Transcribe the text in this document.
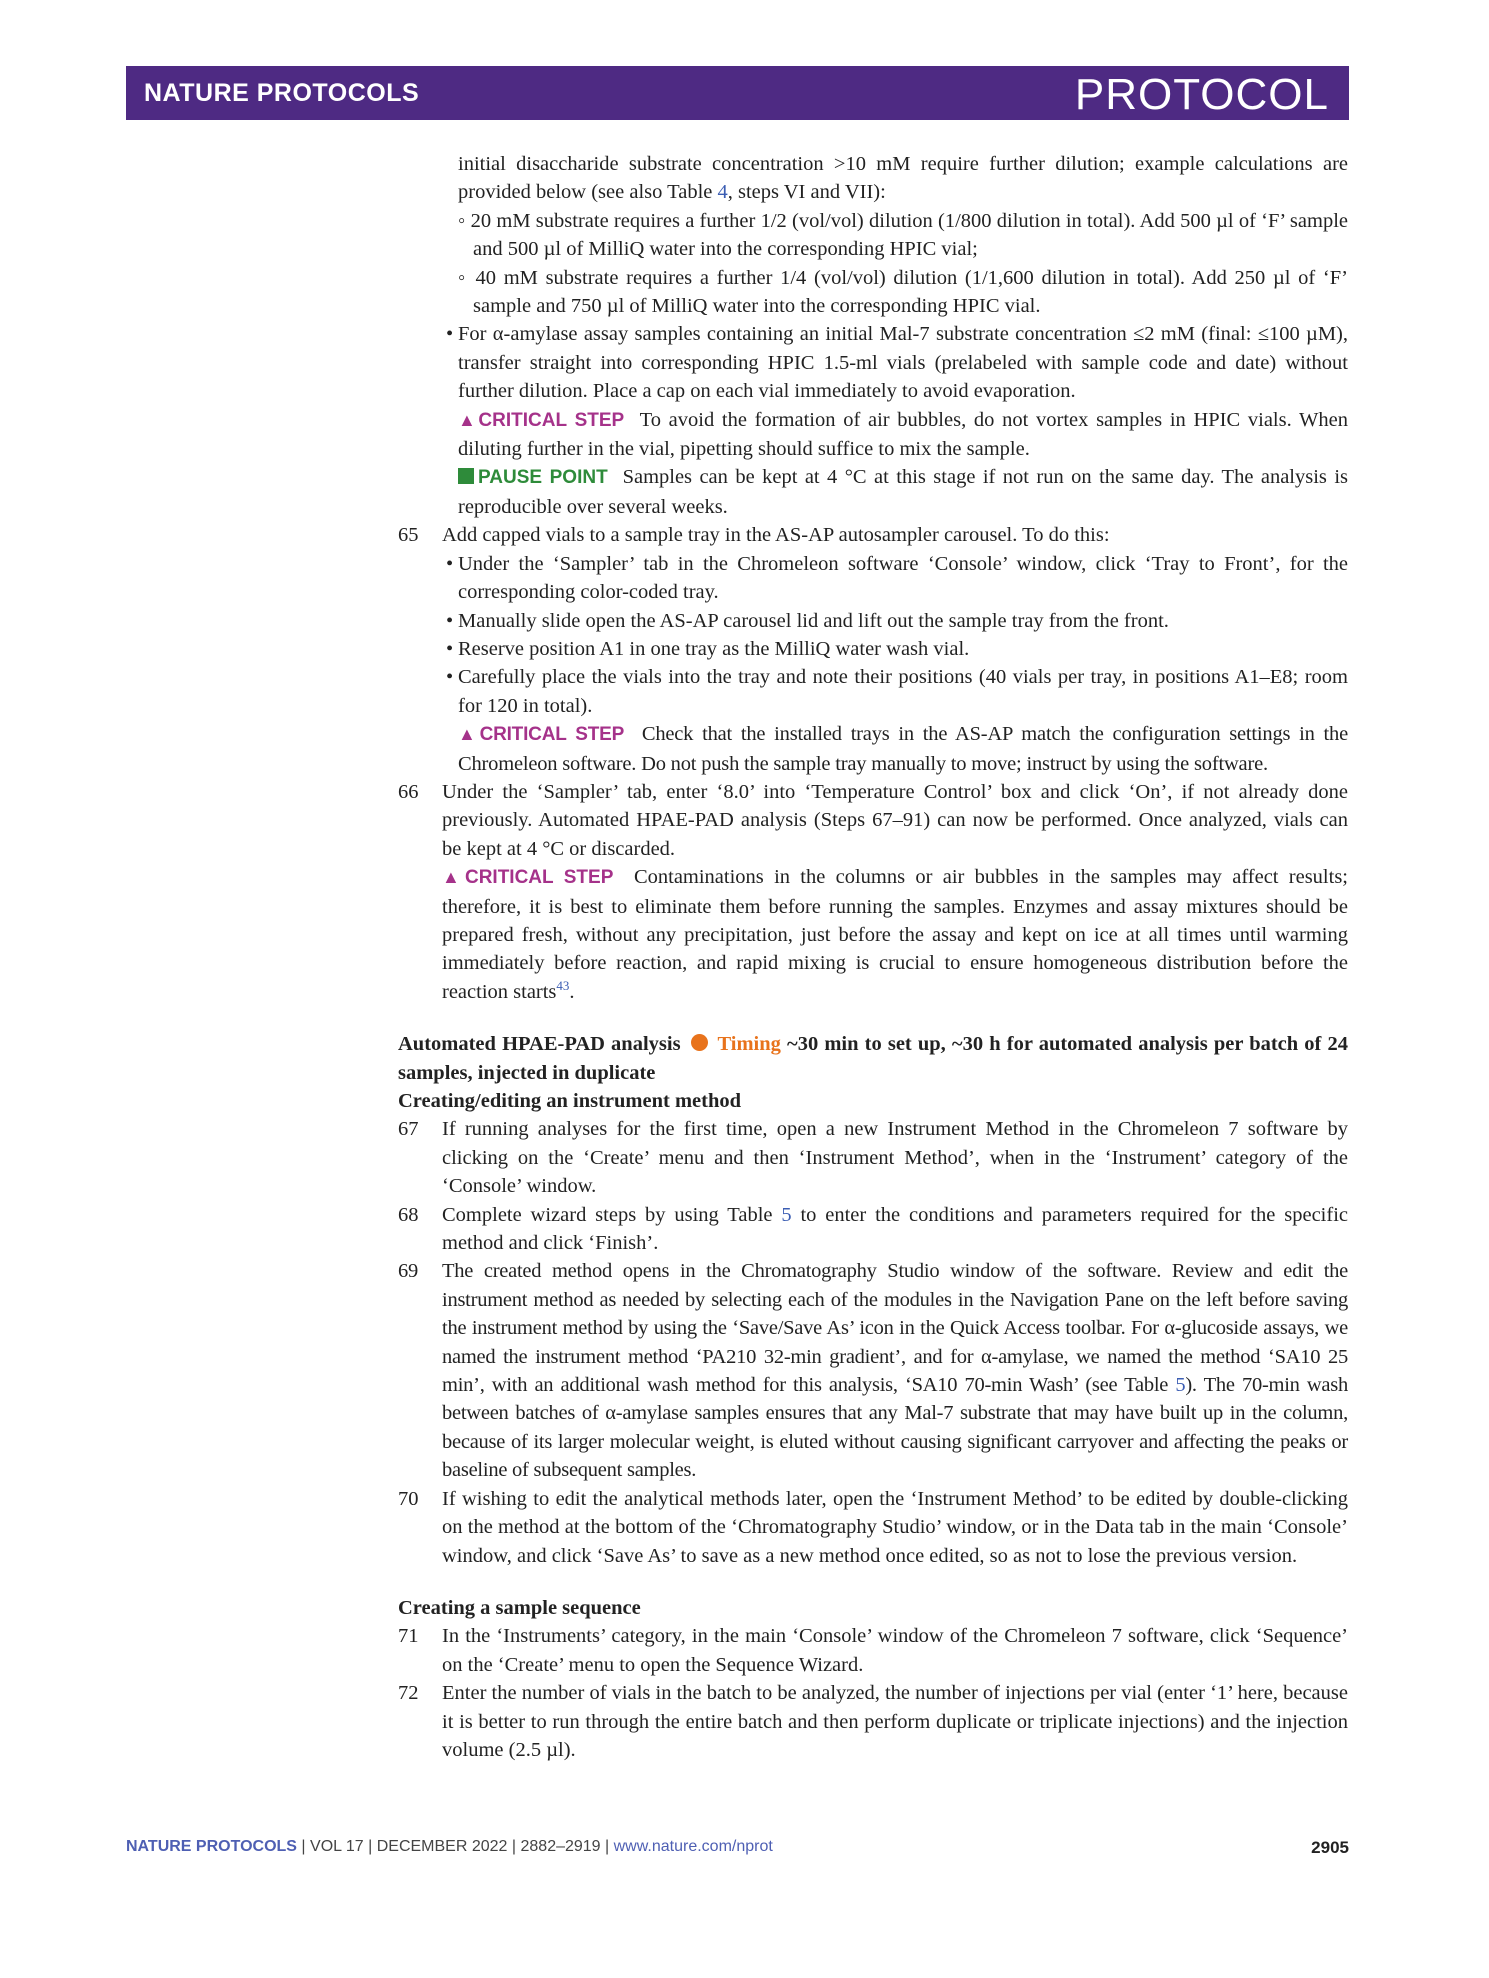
NATURE PROTOCOLS	PROTOCOL
initial disaccharide substrate concentration >10 mM require further dilution; example calculations are provided below (see also Table 4, steps VI and VII):
◦ 20 mM substrate requires a further 1/2 (vol/vol) dilution (1/800 dilution in total). Add 500 µl of ‘F’ sample and 500 µl of MilliQ water into the corresponding HPIC vial;
◦ 40 mM substrate requires a further 1/4 (vol/vol) dilution (1/1,600 dilution in total). Add 250 µl of ‘F’ sample and 750 µl of MilliQ water into the corresponding HPIC vial.
• For α-amylase assay samples containing an initial Mal-7 substrate concentration ≤2 mM (final: ≤100 µM), transfer straight into corresponding HPIC 1.5-ml vials (prelabeled with sample code and date) without further dilution. Place a cap on each vial immediately to avoid evaporation.
▲CRITICAL STEP To avoid the formation of air bubbles, do not vortex samples in HPIC vials. When diluting further in the vial, pipetting should suffice to mix the sample.
PAUSE POINT Samples can be kept at 4 °C at this stage if not run on the same day. The analysis is reproducible over several weeks.
65 Add capped vials to a sample tray in the AS-AP autosampler carousel. To do this:
• Under the ‘Sampler’ tab in the Chromeleon software ‘Console’ window, click ‘Tray to Front’, for the corresponding color-coded tray.
• Manually slide open the AS-AP carousel lid and lift out the sample tray from the front.
• Reserve position A1 in one tray as the MilliQ water wash vial.
• Carefully place the vials into the tray and note their positions (40 vials per tray, in positions A1–E8; room for 120 in total).
▲CRITICAL STEP Check that the installed trays in the AS-AP match the configuration settings in the Chromeleon software. Do not push the sample tray manually to move; instruct by using the software.
66 Under the ‘Sampler’ tab, enter ‘8.0’ into ‘Temperature Control’ box and click ‘On’, if not already done previously. Automated HPAE-PAD analysis (Steps 67–91) can now be performed. Once analyzed, vials can be kept at 4 °C or discarded.
▲CRITICAL STEP Contaminations in the columns or air bubbles in the samples may affect results; therefore, it is best to eliminate them before running the samples. Enzymes and assay mixtures should be prepared fresh, without any precipitation, just before the assay and kept on ice at all times until warming immediately before reaction, and rapid mixing is crucial to ensure homogeneous distribution before the reaction starts$^{43}$.
Automated HPAE-PAD analysis Timing ~30 min to set up, ~30 h for automated analysis per batch of 24 samples, injected in duplicate
Creating/editing an instrument method
67 If running analyses for the first time, open a new Instrument Method in the Chromeleon 7 software by clicking on the ‘Create’ menu and then ‘Instrument Method’, when in the ‘Instrument’ category of the ‘Console’ window.
68 Complete wizard steps by using Table 5 to enter the conditions and parameters required for the specific method and click ‘Finish’.
69 The created method opens in the Chromatography Studio window of the software. Review and edit the instrument method as needed by selecting each of the modules in the Navigation Pane on the left before saving the instrument method by using the ‘Save/Save As’ icon in the Quick Access toolbar. For α-glucoside assays, we named the instrument method ‘PA210 32-min gradient’, and for α-amylase, we named the method ‘SA10 25 min’, with an additional wash method for this analysis, ‘SA10 70-min Wash’ (see Table 5). The 70-min wash between batches of α-amylase samples ensures that any Mal-7 substrate that may have built up in the column, because of its larger molecular weight, is eluted without causing significant carryover and affecting the peaks or baseline of subsequent samples.
70 If wishing to edit the analytical methods later, open the ‘Instrument Method’ to be edited by double-clicking on the method at the bottom of the ‘Chromatography Studio’ window, or in the Data tab in the main ‘Console’ window, and click ‘Save As’ to save as a new method once edited, so as not to lose the previous version.
Creating a sample sequence
71 In the ‘Instruments’ category, in the main ‘Console’ window of the Chromeleon 7 software, click ‘Sequence’ on the ‘Create’ menu to open the Sequence Wizard.
72 Enter the number of vials in the batch to be analyzed, the number of injections per vial (enter ‘1’ here, because it is better to run through the entire batch and then perform duplicate or triplicate injections) and the injection volume (2.5 µl).
NATURE PROTOCOLS | VOL 17 | DECEMBER 2022 | 2882–2919 | www.nature.com/nprot	2905
